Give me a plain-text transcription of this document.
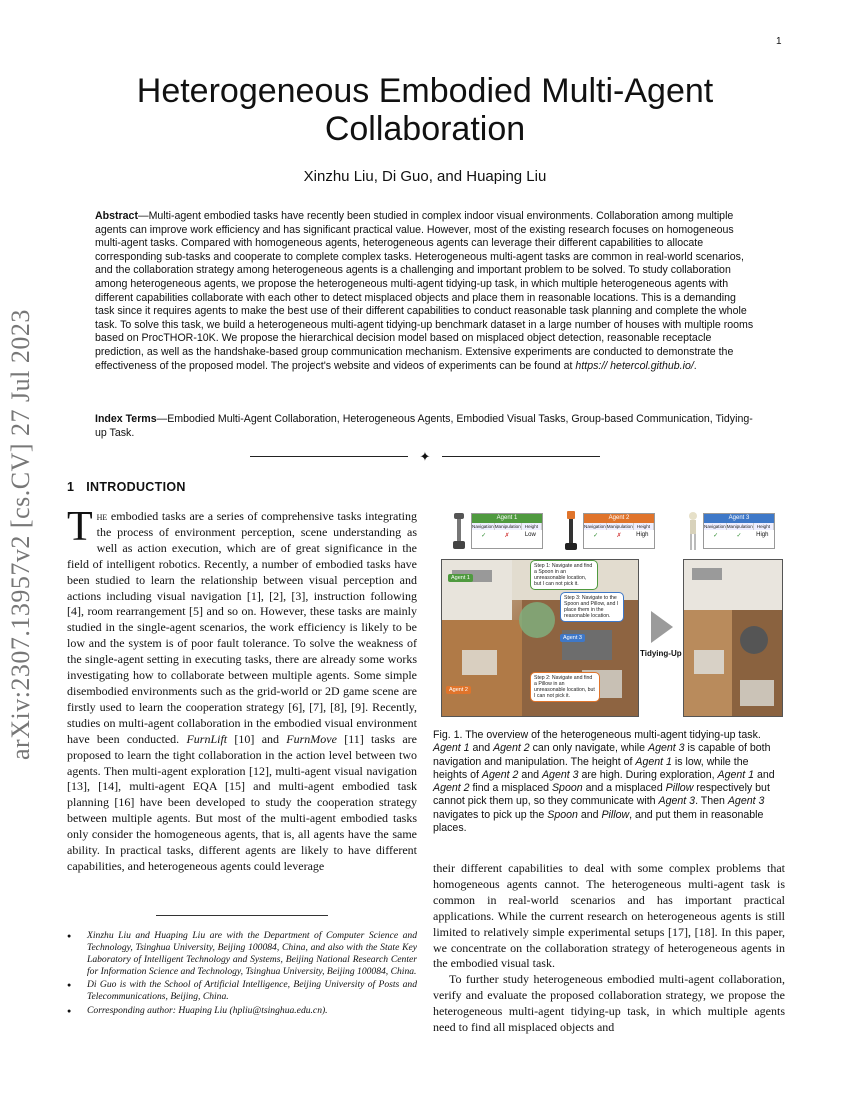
1
arXiv:2307.13957v2 [cs.CV] 27 Jul 2023
Heterogeneous Embodied Multi-Agent
Collaboration
Xinzhu Liu, Di Guo, and Huaping Liu
Abstract—Multi-agent embodied tasks have recently been studied in complex indoor visual environments. Collaboration among multiple agents can improve work efficiency and has significant practical value. However, most of the existing research focuses on homogeneous multi-agent tasks. Compared with homogeneous agents, heterogeneous agents can leverage their different capabilities to allocate corresponding sub-tasks and cooperate to complete complex tasks. Heterogeneous multi-agent tasks are common in real-world scenarios, and the collaboration strategy among heterogeneous agents is a challenging and important problem to be solved. To study collaboration among heterogeneous agents, we propose the heterogeneous multi-agent tidying-up task, in which multiple heterogeneous agents with different capabilities collaborate with each other to detect misplaced objects and place them in reasonable locations. This is a demanding task since it requires agents to make the best use of their different capabilities to conduct reasonable task planning and complete the whole task. To solve this task, we build a heterogeneous multi-agent tidying-up benchmark dataset in a large number of houses with multiple rooms based on ProcTHOR-10K. We propose the hierarchical decision model based on misplaced object detection, reasonable receptacle prediction, as well as the handshake-based group communication mechanism. Extensive experiments are conducted to demonstrate the effectiveness of the proposed model. The project's website and videos of experiments can be found at https:// hetercol.github.io/.
Index Terms—Embodied Multi-Agent Collaboration, Heterogeneous Agents, Embodied Visual Tasks, Group-based Communication, Tidying-up Task.
✦
1 INTRODUCTION
The embodied tasks are a series of comprehensive tasks integrating the process of environment perception, scene understanding as well as action execution, which are of great significance in the field of intelligent robotics. Recently, a number of embodied tasks have been studied to learn the relationship between visual perception and actions including visual navigation [1], [2], [3], instruction following [4], room rearrangement [5] and so on. However, these tasks are mainly studied in the single-agent scenarios, the work efficiency is likely to be low and the system is of poor fault tolerance. To solve the weakness of the single-agent setting in executing tasks, there are already some works investigating how to collaborate between multiple agents. Some simple disembodied environments such as the grid-world or 2D game scene are firstly used to learn the cooperation strategy [6], [7], [8], [9]. Recently, studies on multi-agent collaboration in the embodied visual environment have been conducted. FurnLift [10] and FurnMove [11] tasks are proposed to learn the tight collaboration in the action level between two agents. Then multi-agent exploration [12], multi-agent visual navigation [13], [14], multi-agent EQA [15] and multi-agent embodied task planning [16] have been developed to study the cooperation strategy between multiple agents. But most of the multi-agent embodied tasks only consider the homogeneous agents, that is, all agents have the same ability. In practical tasks, different agents are likely to have different capabilities, and heterogeneous agents could leverage
● Xinzhu Liu and Huaping Liu are with the Department of Computer Science and Technology, Tsinghua University, Beijing 100084, China, and also with the State Key Laboratory of Intelligent Technology and Systems, Beijing National Research Center for Information Science and Technology, Tsinghua University, Beijing 100084, China.
● Di Guo is with the School of Artificial Intelligence, Beijing University of Posts and Telecommunications, Beijing, China.
● Corresponding author: Huaping Liu (hpliu@tsinghua.edu.cn).
Agent 1
Navigation Manipulation Height
✓	✗	Low
Agent 2
Navigation Manipulation Height
✓	✗	High
Agent 3
Navigation Manipulation Height
✓	✓	High
Agent 1
Agent 3
Agent 2
Step 1: Navigate and find a Spoon in an unreasonable location, but I can not pick it.
Step 3: Navigate to the Spoon and Pillow, and I place them in the reasonable location.
Step 2: Navigate and find a Pillow in an unreasonable location, but I can not pick it.
Tidying-Up
Fig. 1. The overview of the heterogeneous multi-agent tidying-up task. Agent 1 and Agent 2 can only navigate, while Agent 3 is capable of both navigation and manipulation. The height of Agent 1 is low, while the heights of Agent 2 and Agent 3 are high. During exploration, Agent 1 and Agent 2 find a misplaced Spoon and a misplaced Pillow respectively but cannot pick them up, so they communicate with Agent 3. Then Agent 3 navigates to pick up the Spoon and Pillow, and put them in reasonable places.

their different capabilities to deal with some complex problems that homogeneous agents cannot. The heterogeneous multi-agent task is common in real-world scenarios and has important practical applications. While the current research on heterogeneous agents is still limited to relatively simple experimental setups [17], [18]. In this paper, we concentrate on the collaboration strategy of heterogeneous agents in the embodied visual task.

To further study heterogeneous embodied multi-agent collaboration, verify and evaluate the proposed collaboration strategy, we propose the heterogeneous multi-agent tidying-up task, in which multiple agents need to find all misplaced objects and
